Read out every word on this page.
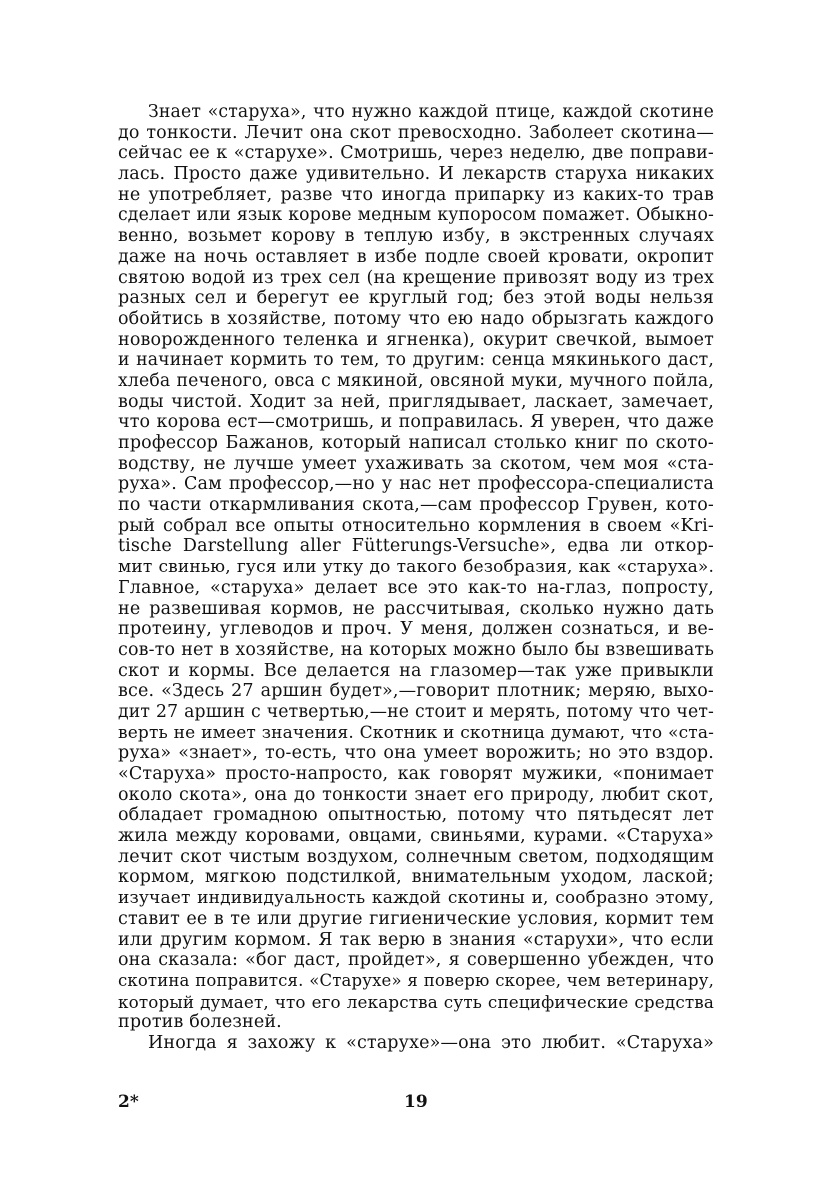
Знает «старуха», что нужно каждой птице, каждой скотине
до тонкости. Лечит она скот превосходно. Заболеет скотина—
сейчас ее к «старухе». Смотришь, через неделю, две поправи-
лась. Просто даже удивительно. И лекарств старуха никаких
не употребляет, разве что иногда припарку из каких-то трав
сделает или язык корове медным купоросом помажет. Обыкно-
венно, возьмет корову в теплую избу, в экстренных случаях
даже на ночь оставляет в избе подле своей кровати, окропит
святою водой из трех сел (на крещение привозят воду из трех
разных сел и берегут ее круглый год; без этой воды нельзя
обойтись в хозяйстве, потому что ею надо обрызгать каждого
новорожденного теленка и ягненка), окурит свечкой, вымоет
и начинает кормить то тем, то другим: сенца мякинького даст,
хлеба печеного, овса с мякиной, овсяной муки, мучного пойла,
воды чистой. Ходит за ней, приглядывает, ласкает, замечает,
что корова ест—смотришь, и поправилась. Я уверен, что даже
профессор Бажанов, который написал столько книг по ското-
водству, не лучше умеет ухаживать за скотом, чем моя «ста-
руха». Сам профессор,—но у нас нет профессора-специалиста
по части откармливания скота,—сам профессор Грувен, кото-
рый собрал все опыты относительно кормления в своем «Kri-
tische Darstellung aller Fütterungs-Versuche», едва ли откор-
мит свинью, гуся или утку до такого безобразия, как «старуха».
Главное, «старуха» делает все это как-то на-глаз, попросту,
не развешивая кормов, не рассчитывая, сколько нужно дать
протеину, углеводов и проч. У меня, должен сознаться, и ве-
сов-то нет в хозяйстве, на которых можно было бы взвешивать
скот и кормы. Все делается на глазомер—так уже привыкли
все. «Здесь 27 аршин будет»,—говорит плотник; меряю, выхо-
дит 27 аршин с четвертью,—не стоит и мерять, потому что чет-
верть не имеет значения. Скотник и скотница думают, что «ста-
руха» «знает», то-есть, что она умеет ворожить; но это вздор.
«Старуха» просто-напросто, как говорят мужики, «понимает
около скота», она до тонкости знает его природу, любит скот,
обладает громадною опытностью, потому что пятьдесят лет
жила между коровами, овцами, свиньями, курами. «Старуха»
лечит скот чистым воздухом, солнечным светом, подходящим
кормом, мягкою подстилкой, внимательным уходом, лаской;
изучает индивидуальность каждой скотины и, сообразно этому,
ставит ее в те или другие гигиенические условия, кормит тем
или другим кормом. Я так верю в знания «старухи», что если
она сказала: «бог даст, пройдет», я совершенно убежден, что
скотина поправится. «Старухе» я поверю скорее, чем ветеринару,
который думает, что его лекарства суть специфические средства
против болезней.
Иногда я захожу к «старухе»—она это любит. «Старуха»
2*	19
